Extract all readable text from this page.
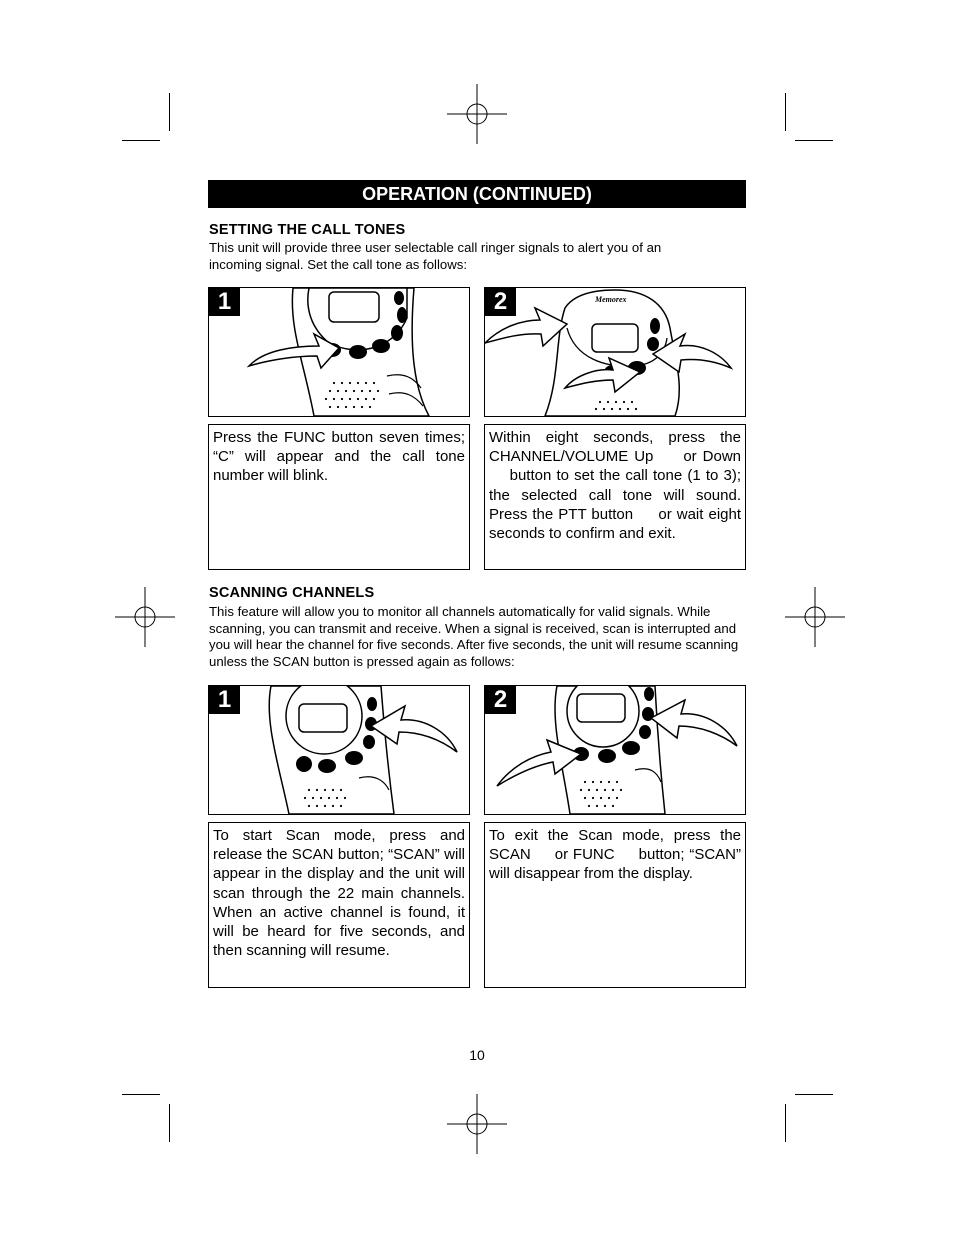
OPERATION (CONTINUED)
SETTING THE CALL TONES
This unit will provide three user selectable call ringer signals to alert you of an incoming signal. Set the call tone as follows:
1	Memorex
2
Press the FUNC button seven times; “C” will appear and the call tone number will blink.
Within eight seconds, press the CHANNEL/VOLUME Up     or Down     button to set the call tone (1 to 3); the selected call tone will sound. Press the PTT button     or wait eight seconds to confirm and exit.
SCANNING CHANNELS
This feature will allow you to monitor all channels automatically for valid signals. While scanning, you can transmit and receive. When a signal is received, scan is interrupted and you will hear the channel for five seconds. After five seconds, the unit will resume scanning unless the SCAN button is pressed again as follows:
1	2
To start Scan mode, press and release the SCAN button; “SCAN” will appear in the display and the unit will scan through the 22 main channels. When an active channel is found, it will be heard for five seconds, and then scanning will resume.
To exit the Scan mode, press the SCAN     or FUNC     button; “SCAN” will disappear from the display.
10
